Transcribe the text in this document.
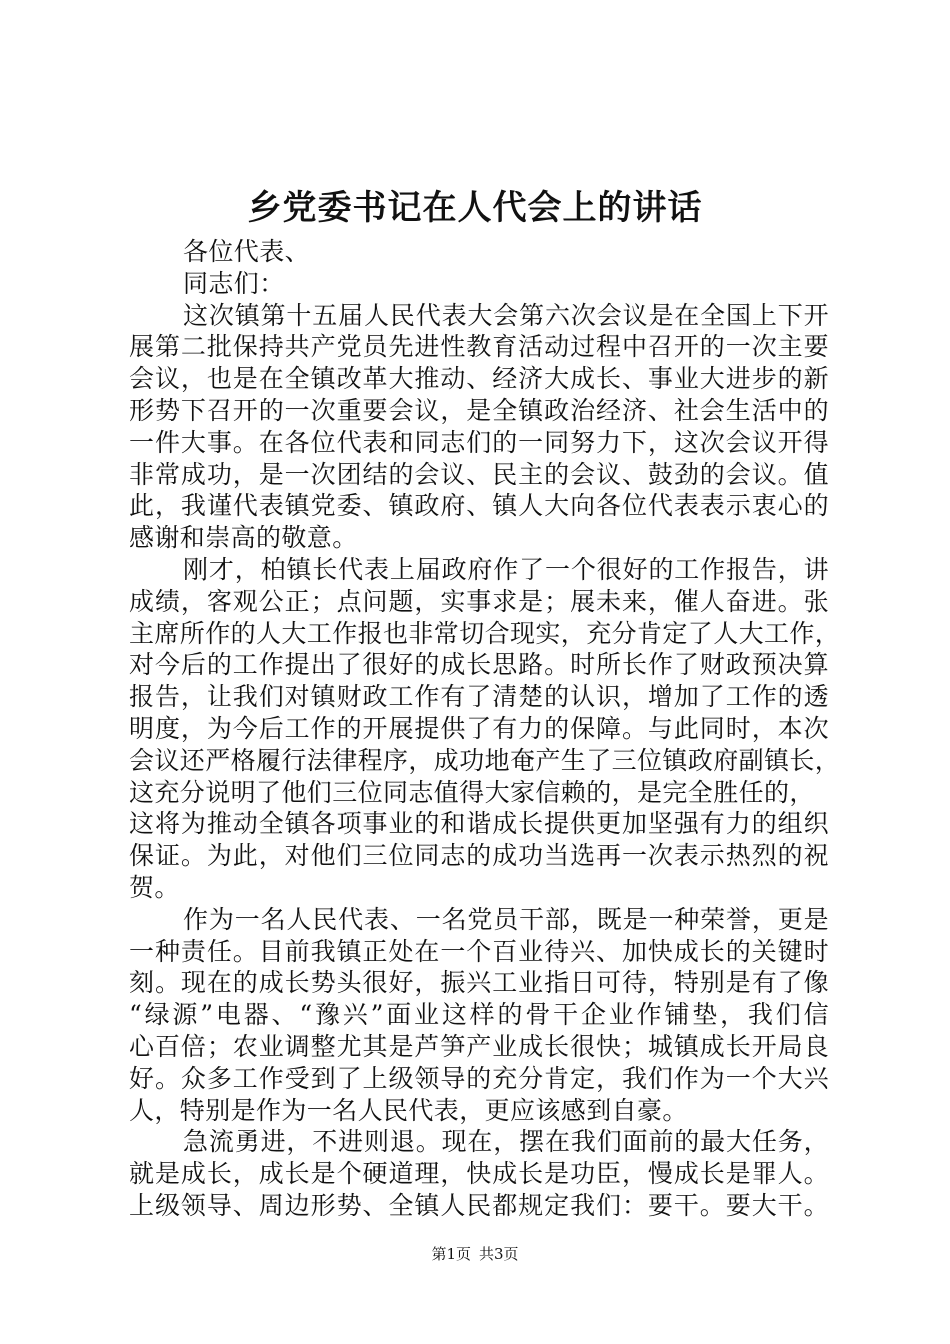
乡党委书记在人代会上的讲话
各位代表、
同志们：
这次镇第十五届人民代表大会第六次会议是在全国上下开
展第二批保持共产党员先进性教育活动过程中召开的一次主要
会议，也是在全镇改革大推动、经济大成长、事业大进步的新
形势下召开的一次重要会议，是全镇政治经济、社会生活中的
一件大事。在各位代表和同志们的一同努力下，这次会议开得
非常成功，是一次团结的会议、民主的会议、鼓劲的会议。值
此，我谨代表镇党委、镇政府、镇人大向各位代表表示衷心的
感谢和崇高的敬意。
刚才，柏镇长代表上届政府作了一个很好的工作报告，讲
成绩，客观公正；点问题，实事求是；展未来，催人奋进。张
主席所作的人大工作报也非常切合现实，充分肯定了人大工作，
对今后的工作提出了很好的成长思路。时所长作了财政预决算
报告，让我们对镇财政工作有了清楚的认识，增加了工作的透
明度，为今后工作的开展提供了有力的保障。与此同时，本次
会议还严格履行法律程序，成功地奄产生了三位镇政府副镇长，
这充分说明了他们三位同志值得大家信赖的，是完全胜任的，
这将为推动全镇各项事业的和谐成长提供更加坚强有力的组织
保证。为此，对他们三位同志的成功当选再一次表示热烈的祝
贺。
作为一名人民代表、一名党员干部，既是一种荣誉，更是
一种责任。目前我镇正处在一个百业待兴、加快成长的关键时
刻。现在的成长势头很好，振兴工业指日可待，特别是有了像
“绿源”电器、“豫兴”面业这样的骨干企业作铺垫，我们信
心百倍；农业调整尤其是芦笋产业成长很快；城镇成长开局良
好。众多工作受到了上级领导的充分肯定，我们作为一个大兴
人，特别是作为一名人民代表，更应该感到自豪。
急流勇进，不进则退。现在，摆在我们面前的最大任务，
就是成长，成长是个硬道理，快成长是功臣，慢成长是罪人。
上级领导、周边形势、全镇人民都规定我们：要干。要大干。
第1页 共3页
